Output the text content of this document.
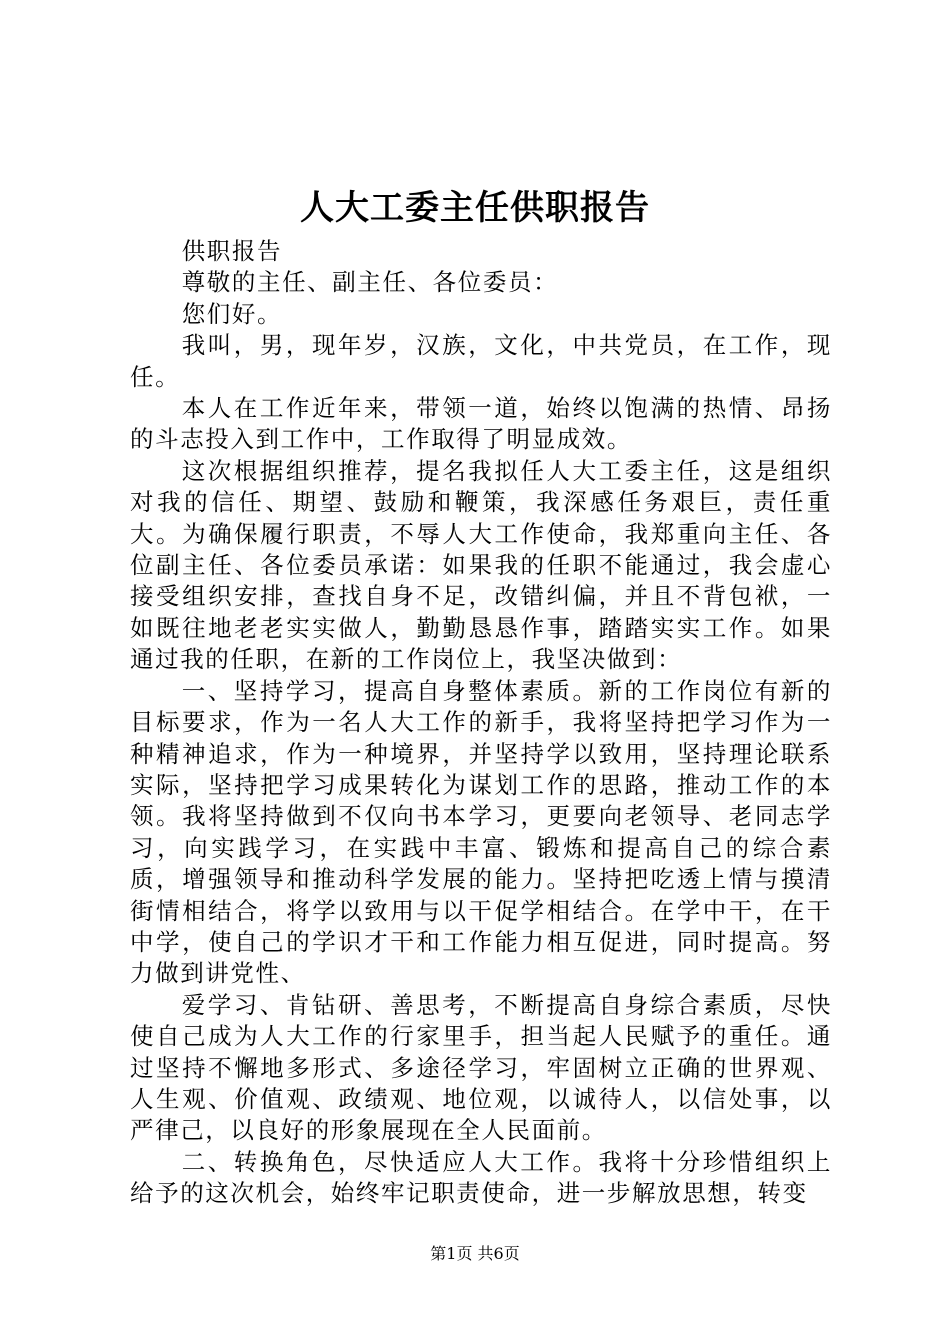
人大工委主任供职报告

供职报告

尊敬的主任、副主任、各位委员：

您们好。

我叫，男，现年岁，汉族，文化，中共党员，在工作，现任。

本人在工作近年来，带领一道，始终以饱满的热情、昂扬的斗志投入到工作中，工作取得了明显成效。

这次根据组织推荐，提名我拟任人大工委主任，这是组织对我的信任、期望、鼓励和鞭策，我深感任务艰巨，责任重大。为确保履行职责，不辱人大工作使命，我郑重向主任、各位副主任、各位委员承诺：如果我的任职不能通过，我会虚心接受组织安排，查找自身不足，改错纠偏，并且不背包袱，一如既往地老老实实做人，勤勤恳恳作事，踏踏实实工作。如果通过我的任职，在新的工作岗位上，我坚决做到：

一、坚持学习，提高自身整体素质。新的工作岗位有新的目标要求，作为一名人大工作的新手，我将坚持把学习作为一种精神追求，作为一种境界，并坚持学以致用，坚持理论联系实际，坚持把学习成果转化为谋划工作的思路，推动工作的本领。我将坚持做到不仅向书本学习，更要向老领导、老同志学习，向实践学习，在实践中丰富、锻炼和提高自己的综合素质，增强领导和推动科学发展的能力。坚持把吃透上情与摸清街情相结合，将学以致用与以干促学相结合。在学中干，在干中学，使自己的学识才干和工作能力相互促进，同时提高。努力做到讲党性、

爱学习、肯钻研、善思考，不断提高自身综合素质，尽快使自己成为人大工作的行家里手，担当起人民赋予的重任。通过坚持不懈地多形式、多途径学习，牢固树立正确的世界观、人生观、价值观、政绩观、地位观，以诚待人，以信处事，以严律己，以良好的形象展现在全人民面前。

二、转换角色，尽快适应人大工作。我将十分珍惜组织上给予的这次机会，始终牢记职责使命，进一步解放思想，转变

第1页 共6页
